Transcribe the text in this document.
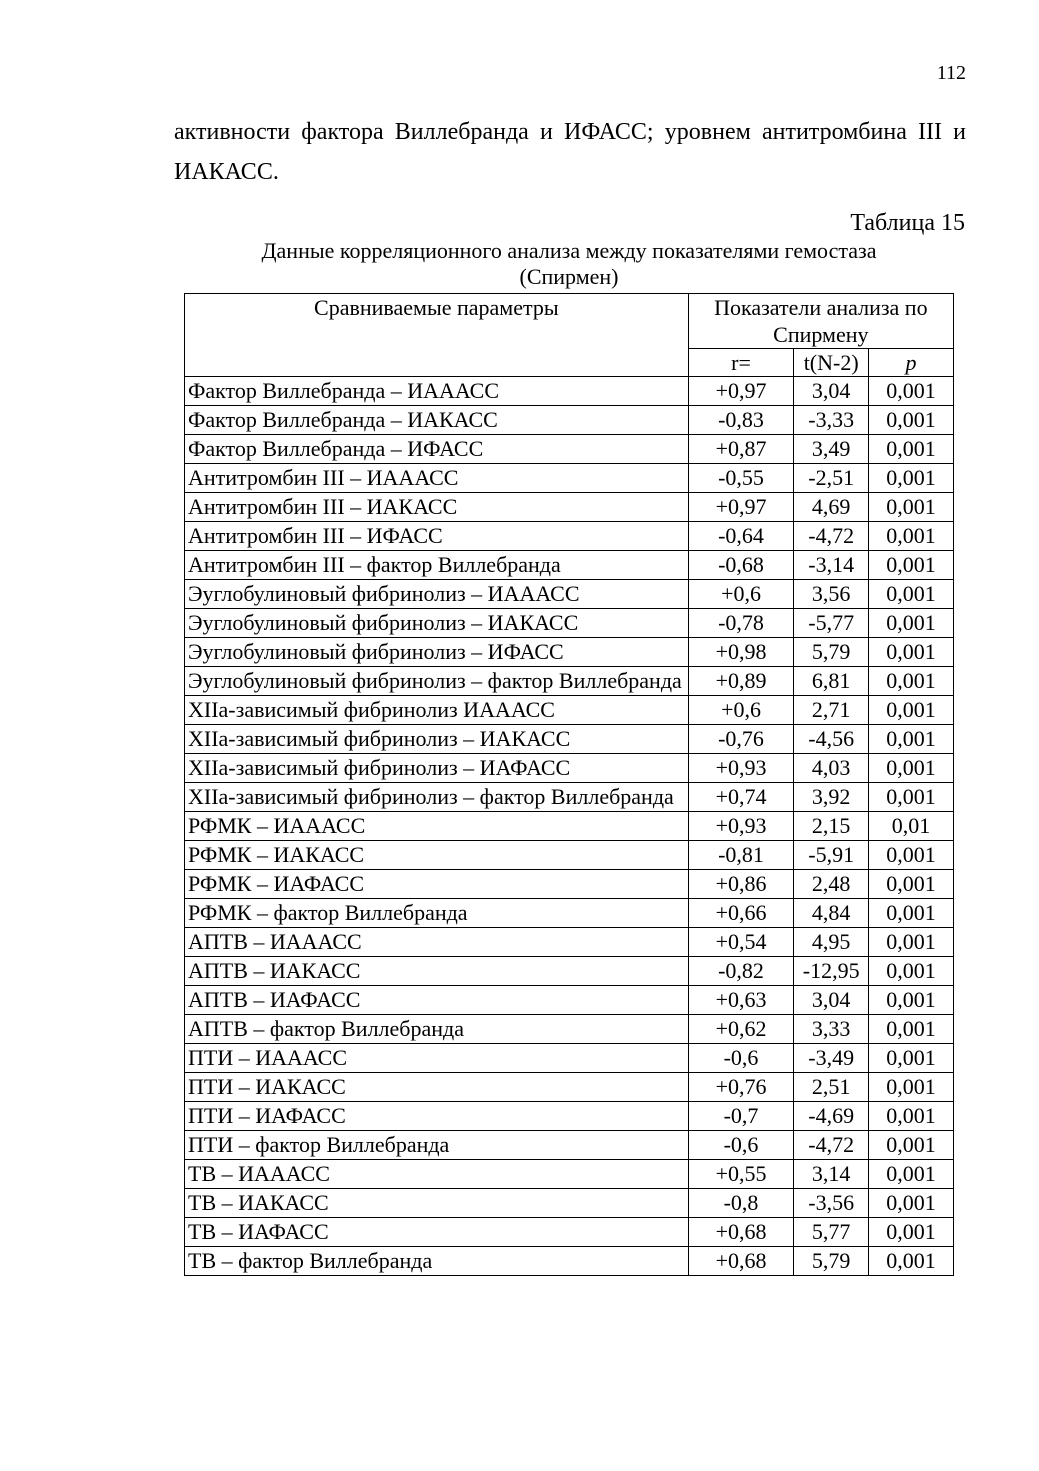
112
активности фактора Виллебранда и ИФАСС; уровнем антитромбина III и
ИАКАСС.
Таблица 15
Данные корреляционного анализа между показателями гемостаза
(Спирмен)
Сравниваемые параметры	Показатели анализа по Спирмену		
	r=	t(N-2)	p
Фактор Виллебранда – ИАААСС	+0,97	3,04	0,001
Фактор Виллебранда – ИАКАСС	-0,83	-3,33	0,001
Фактор Виллебранда – ИФАСС	+0,87	3,49	0,001
Антитромбин III – ИАААСС	-0,55	-2,51	0,001
Антитромбин III – ИАКАСС	+0,97	4,69	0,001
Антитромбин III – ИФАСС	-0,64	-4,72	0,001
Антитромбин III – фактор Виллебранда	-0,68	-3,14	0,001
Эуглобулиновый фибринолиз – ИАААСС	+0,6	3,56	0,001
Эуглобулиновый фибринолиз – ИАКАСС	-0,78	-5,77	0,001
Эуглобулиновый фибринолиз – ИФАСС	+0,98	5,79	0,001
Эуглобулиновый фибринолиз – фактор Виллебранда	+0,89	6,81	0,001
XIIа-зависимый фибринолиз ИАААСС	+0,6	2,71	0,001
XIIа-зависимый фибринолиз – ИАКАСС	-0,76	-4,56	0,001
XIIа-зависимый фибринолиз – ИАФАСС	+0,93	4,03	0,001
XIIа-зависимый фибринолиз – фактор Виллебранда	+0,74	3,92	0,001
РФМК – ИАААСС	+0,93	2,15	0,01
РФМК – ИАКАСС	-0,81	-5,91	0,001
РФМК – ИАФАСС	+0,86	2,48	0,001
РФМК – фактор Виллебранда	+0,66	4,84	0,001
АПТВ – ИАААСС	+0,54	4,95	0,001
АПТВ – ИАКАСС	-0,82	-12,95	0,001
АПТВ – ИАФАСС	+0,63	3,04	0,001
АПТВ – фактор Виллебранда	+0,62	3,33	0,001
ПТИ – ИАААСС	-0,6	-3,49	0,001
ПТИ – ИАКАСС	+0,76	2,51	0,001
ПТИ – ИАФАСС	-0,7	-4,69	0,001
ПТИ – фактор Виллебранда	-0,6	-4,72	0,001
ТВ – ИАААСС	+0,55	3,14	0,001
ТВ – ИАКАСС	-0,8	-3,56	0,001
ТВ – ИАФАСС	+0,68	5,77	0,001
ТВ – фактор Виллебранда	+0,68	5,79	0,001
